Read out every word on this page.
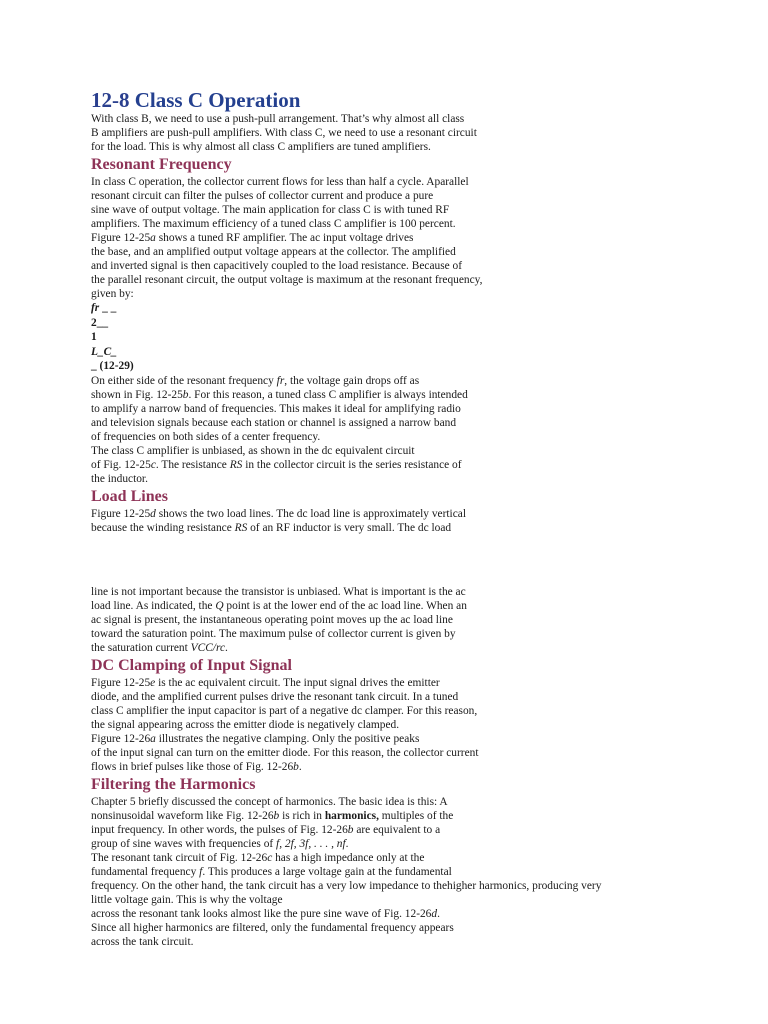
12-8 Class C Operation
With class B, we need to use a push-pull arrangement. That’s why almost all class
B amplifiers are push-pull amplifiers. With class C, we need to use a resonant circuit
for the load. This is why almost all class C amplifiers are tuned amplifiers.
Resonant Frequency
In class C operation, the collector current flows for less than half a cycle. Aparallel
resonant circuit can filter the pulses of collector current and produce a pure
sine wave of output voltage. The main application for class C is with tuned RF
amplifiers. The maximum efficiency of a tuned class C amplifier is 100 percent.
Figure 12-25a shows a tuned RF amplifier. The ac input voltage drives
the base, and an amplified output voltage appears at the collector. The amplified
and inverted signal is then capacitively coupled to the load resistance. Because of
the parallel resonant circuit, the output voltage is maximum at the resonant frequency,
given by:
fr _ _
2__
1
L_C_
_ (12-29)
On either side of the resonant frequency fr, the voltage gain drops off as
shown in Fig. 12-25b. For this reason, a tuned class C amplifier is always intended
to amplify a narrow band of frequencies. This makes it ideal for amplifying radio
and television signals because each station or channel is assigned a narrow band
of frequencies on both sides of a center frequency.
The class C amplifier is unbiased, as shown in the dc equivalent circuit
of Fig. 12-25c. The resistance RS in the collector circuit is the series resistance of
the inductor.
Load Lines
Figure 12-25d shows the two load lines. The dc load line is approximately vertical
because the winding resistance RS of an RF inductor is very small. The dc load
line is not important because the transistor is unbiased. What is important is the ac
load line. As indicated, the Q point is at the lower end of the ac load line. When an
ac signal is present, the instantaneous operating point moves up the ac load line
toward the saturation point. The maximum pulse of collector current is given by
the saturation current VCC/rc.
DC Clamping of Input Signal
Figure 12-25e is the ac equivalent circuit. The input signal drives the emitter
diode, and the amplified current pulses drive the resonant tank circuit. In a tuned
class C amplifier the input capacitor is part of a negative dc clamper. For this reason,
the signal appearing across the emitter diode is negatively clamped.
Figure 12-26a illustrates the negative clamping. Only the positive peaks
of the input signal can turn on the emitter diode. For this reason, the collector current
flows in brief pulses like those of Fig. 12-26b.
Filtering the Harmonics
Chapter 5 briefly discussed the concept of harmonics. The basic idea is this: A
nonsinusoidal waveform like Fig. 12-26b is rich in harmonics, multiples of the
input frequency. In other words, the pulses of Fig. 12-26b are equivalent to a
group of sine waves with frequencies of f, 2f, 3f, . . . , nf.
The resonant tank circuit of Fig. 12-26c has a high impedance only at the
fundamental frequency f. This produces a large voltage gain at the fundamental
frequency. On the other hand, the tank circuit has a very low impedance to thehigher harmonics, producing very
little voltage gain. This is why the voltage
across the resonant tank looks almost like the pure sine wave of Fig. 12-26d.
Since all higher harmonics are filtered, only the fundamental frequency appears
across the tank circuit.
